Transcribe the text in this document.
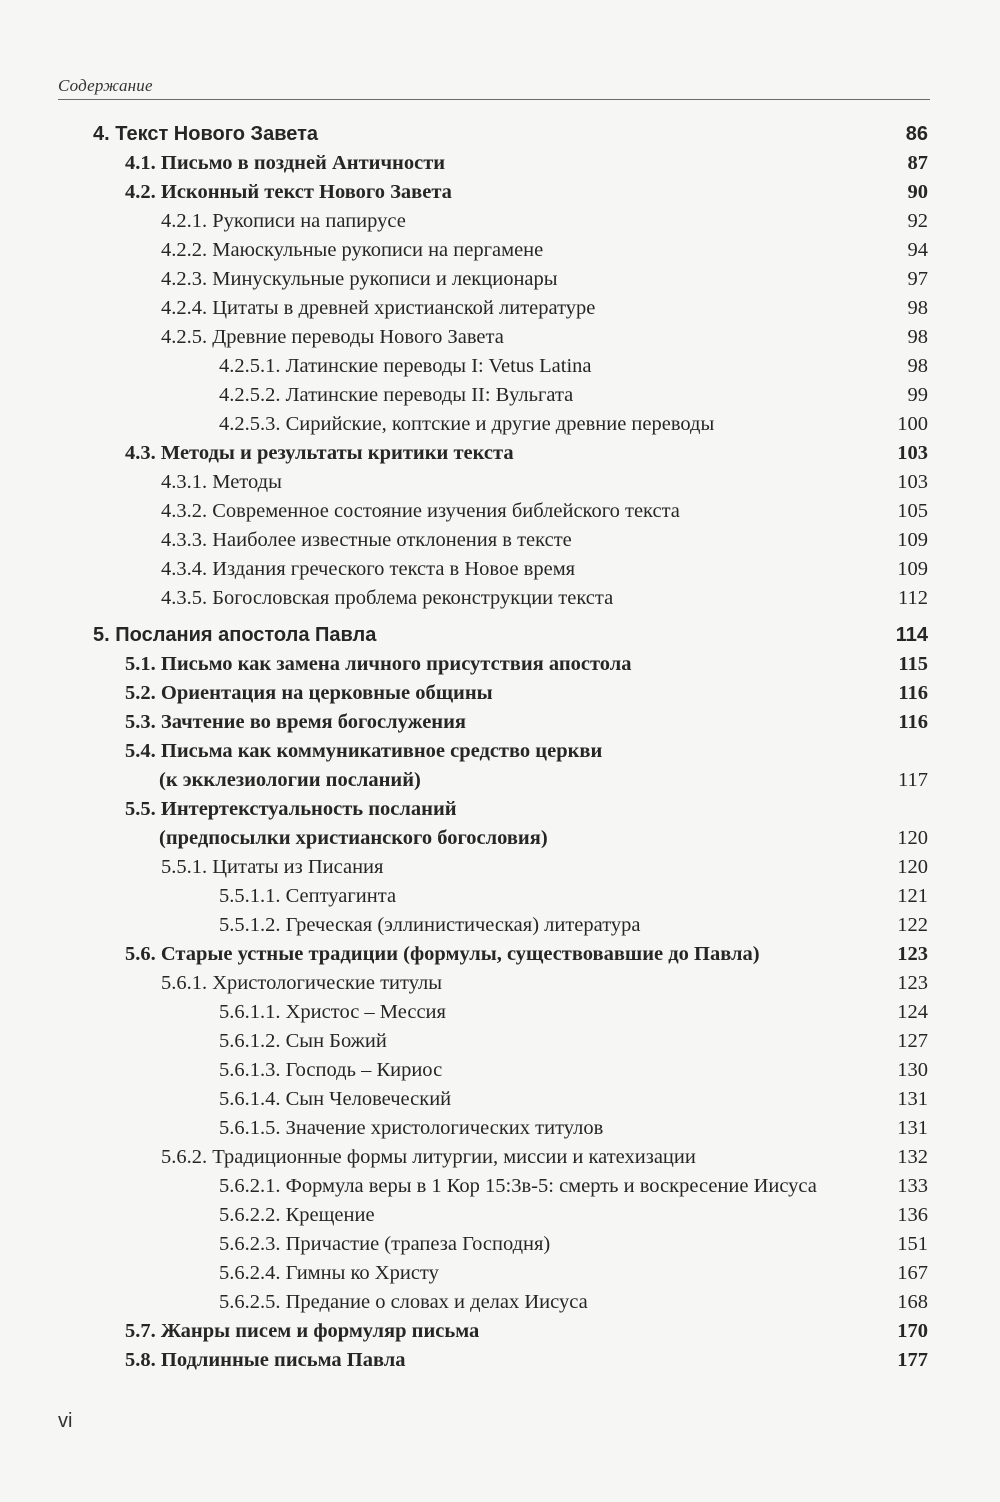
Содержание
4. Текст Нового Завета	86
4.1. Письмо в поздней Античности	87
4.2. Исконный текст Нового Завета	90
4.2.1. Рукописи на папирусе	92
4.2.2. Маюскульные рукописи на пергамене	94
4.2.3. Минускульные рукописи и лекционары	97
4.2.4. Цитаты в древней христианской литературе	98
4.2.5. Древние переводы Нового Завета	98
4.2.5.1. Латинские переводы I: Vetus Latina	98
4.2.5.2. Латинские переводы II: Вульгата	99
4.2.5.3. Сирийские, коптские и другие древние переводы	100
4.3. Методы и результаты критики текста	103
4.3.1. Методы	103
4.3.2. Современное состояние изучения библейского текста	105
4.3.3. Наиболее известные отклонения в тексте	109
4.3.4. Издания греческого текста в Новое время	109
4.3.5. Богословская проблема реконструкции текста	112
5. Послания апостола Павла	114
5.1. Письмо как замена личного присутствия апостола	115
5.2. Ориентация на церковные общины	116
5.3. Зачтение во время богослужения	116
5.4. Письма как коммуникативное средство церкви
(к экклезиологии посланий)	117
5.5. Интертекстуальность посланий
(предпосылки христианского богословия)	120
5.5.1. Цитаты из Писания	120
5.5.1.1. Септуагинта	121
5.5.1.2. Греческая (эллинистическая) литература	122
5.6. Старые устные традиции (формулы, существовавшие до Павла)	123
5.6.1. Христологические титулы	123
5.6.1.1. Христос – Мессия	124
5.6.1.2. Сын Божий	127
5.6.1.3. Господь – Кириос	130
5.6.1.4. Сын Человеческий	131
5.6.1.5. Значение христологических титулов	131
5.6.2. Традиционные формы литургии, миссии и катехизации	132
5.6.2.1. Формула веры в 1 Кор 15:3в-5: смерть и воскресение Иисуса	133
5.6.2.2. Крещение	136
5.6.2.3. Причастие (трапеза Господня)	151
5.6.2.4. Гимны ко Христу	167
5.6.2.5. Предание о словах и делах Иисуса	168
5.7. Жанры писем и формуляр письма	170
5.8. Подлинные письма Павла	177
vi
